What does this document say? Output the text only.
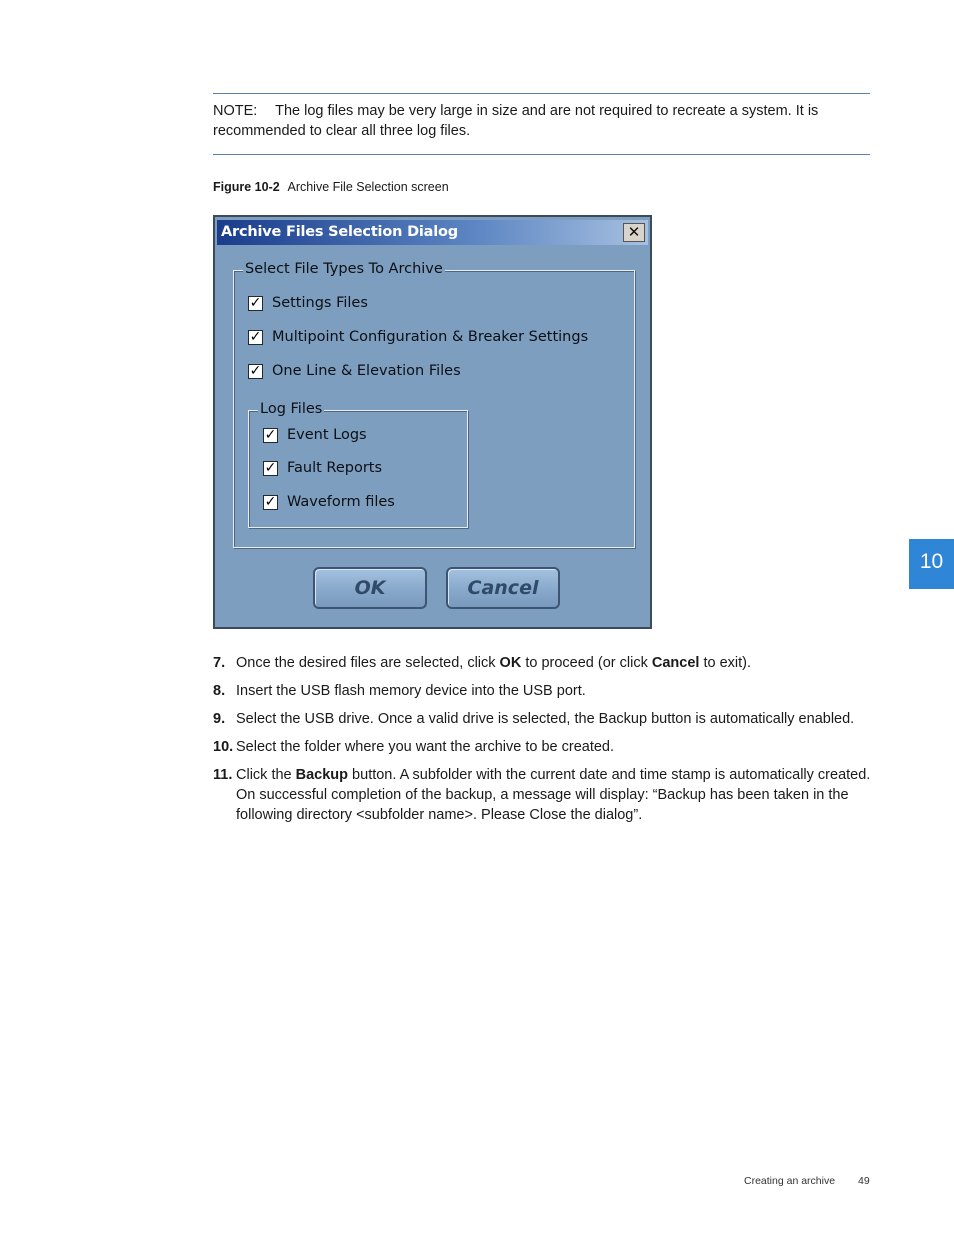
NOTE: The log files may be very large in size and are not required to recreate a system. It is recommended to clear all three log files.
Figure 10-2 Archive File Selection screen
Archive Files Selection Dialog	✕
Select File Types To Archive
✓ Settings Files
✓ Multipoint Configuration & Breaker Settings
✓ One Line & Elevation Files
Log Files
✓ Event Logs
✓ Fault Reports
✓ Waveform files
OK	Cancel
7. Once the desired files are selected, click OK to proceed (or click Cancel to exit).
8. Insert the USB flash memory device into the USB port.
9. Select the USB drive. Once a valid drive is selected, the Backup button is automatically enabled.
10. Select the folder where you want the archive to be created.
11. Click the Backup button. A subfolder with the current date and time stamp is automatically created. On successful completion of the backup, a message will display: “Backup has been taken in the following directory <subfolder name>. Please Close the dialog”.
10
Creating an archive 49
